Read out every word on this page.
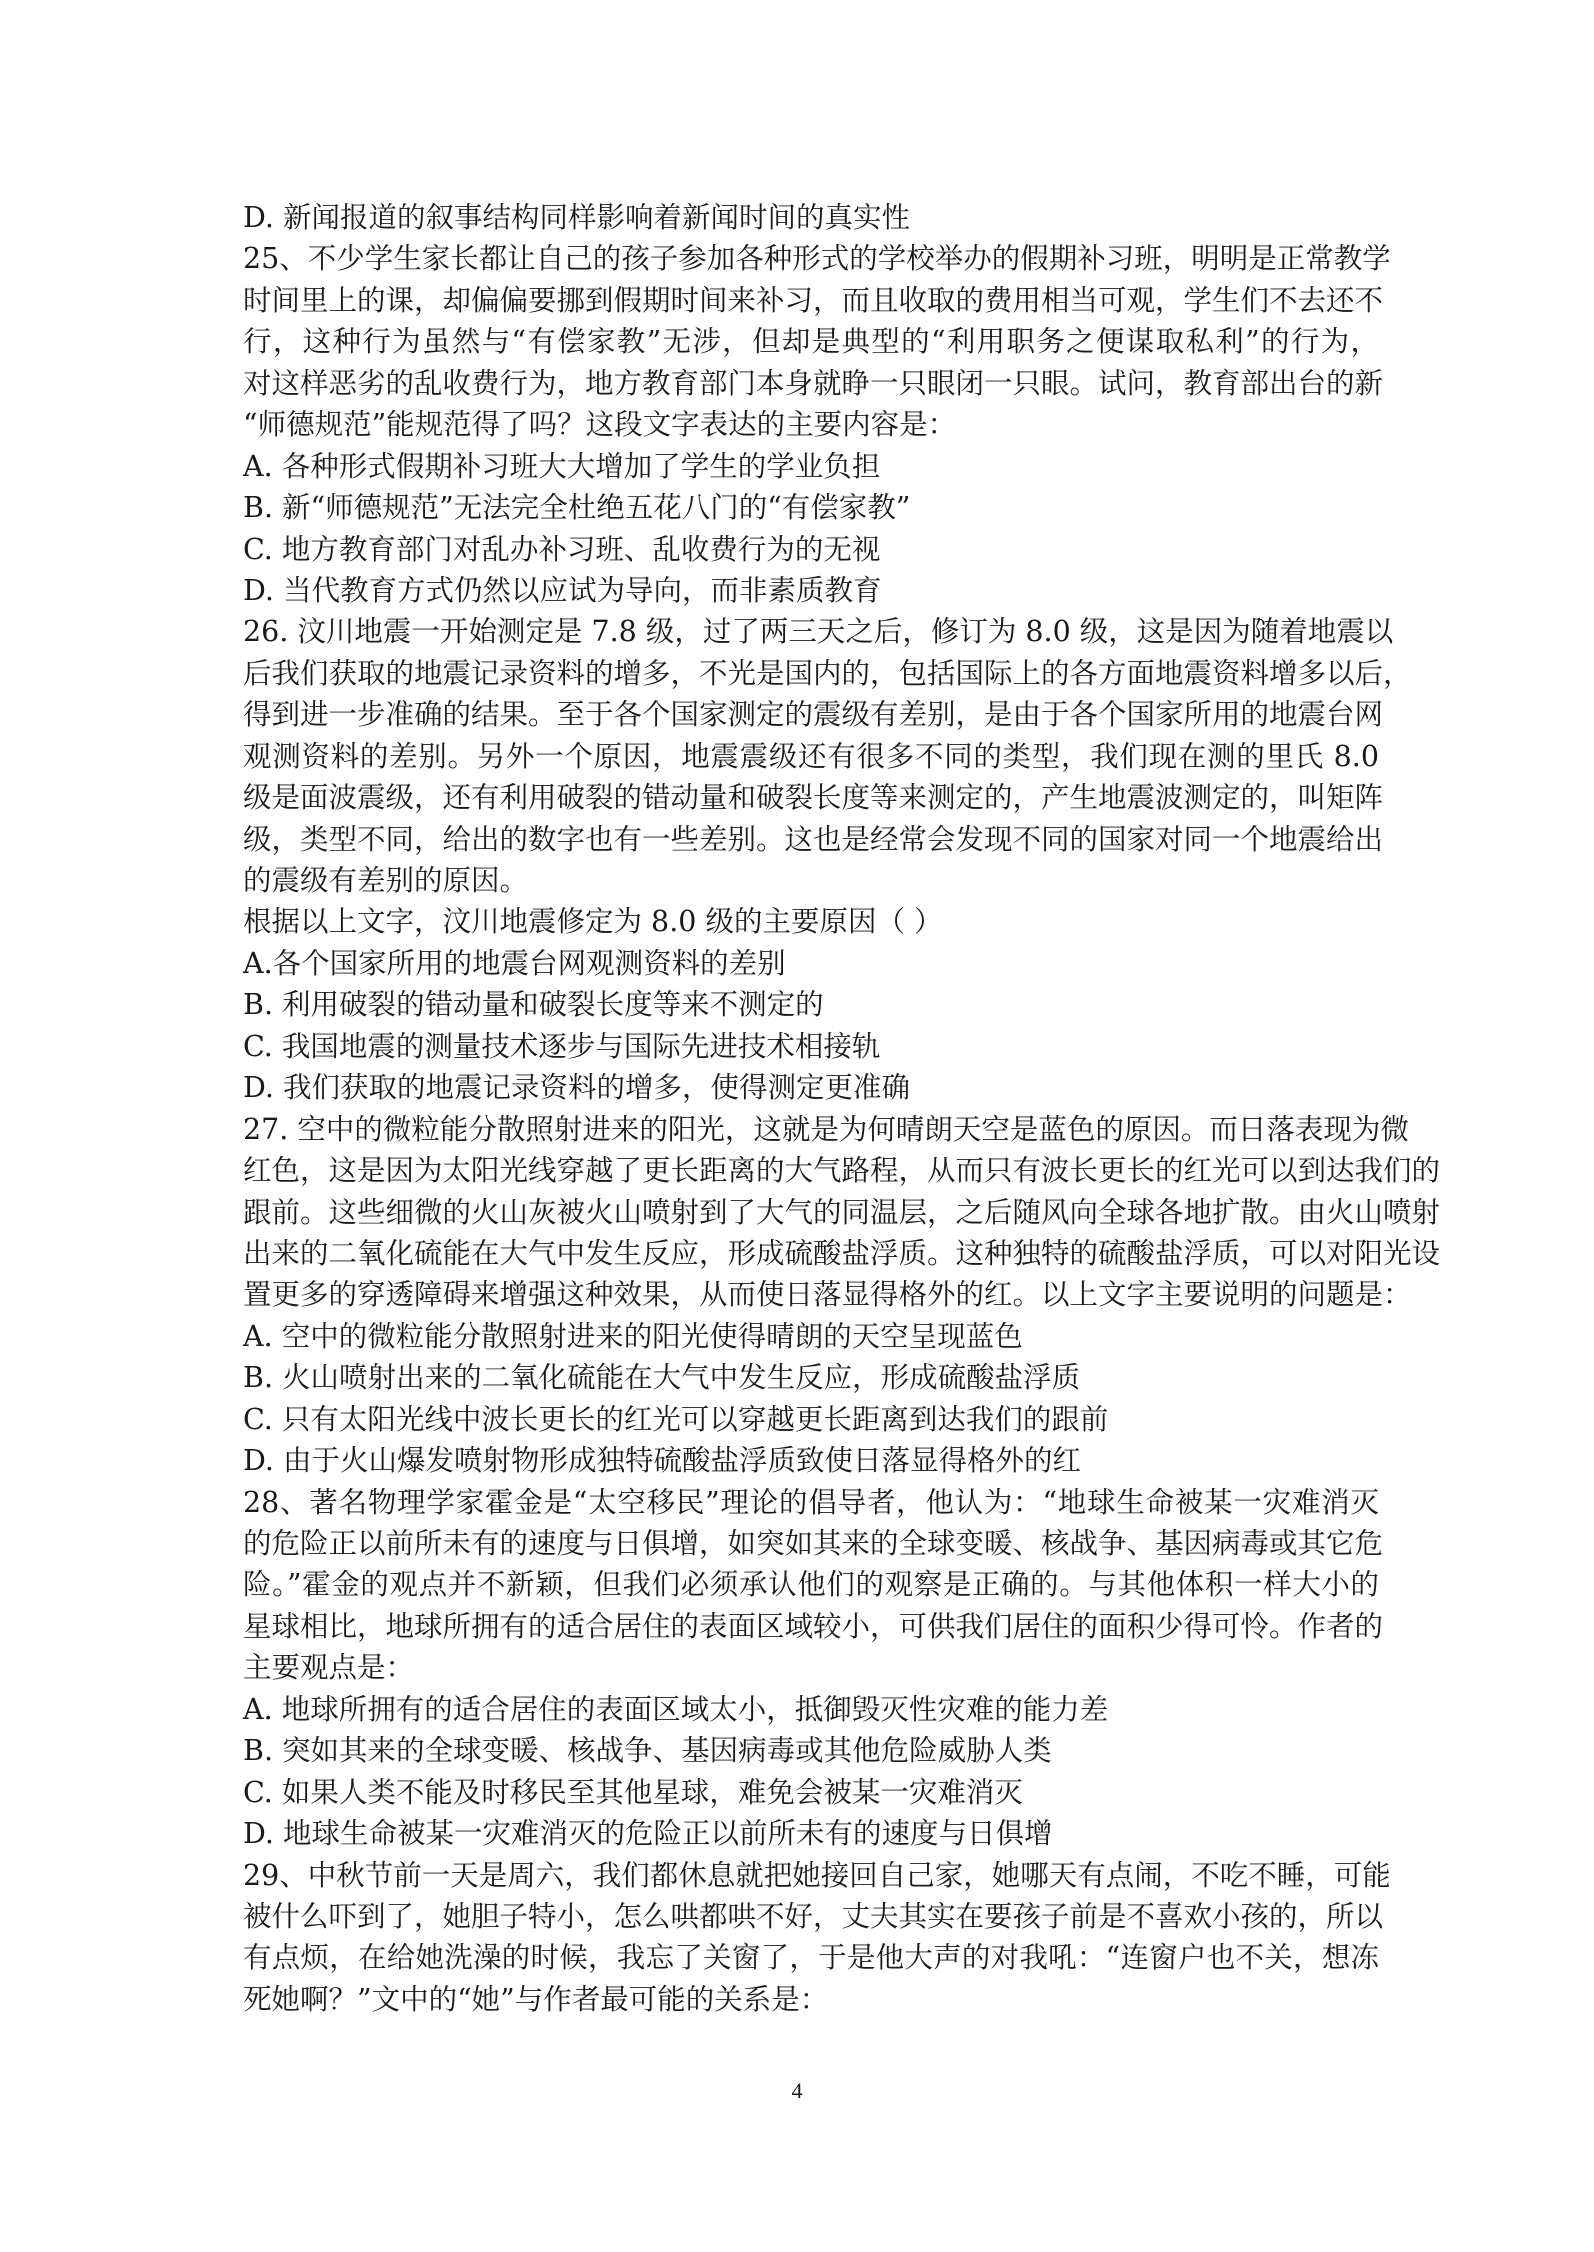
D. 新闻报道的叙事结构同样影响着新闻时间的真实性
25、不少学生家长都让自己的孩子参加各种形式的学校举办的假期补习班，明明是正常教学
时间里上的课，却偏偏要挪到假期时间来补习，而且收取的费用相当可观，学生们不去还不
行，这种行为虽然与“有偿家教”无涉，但却是典型的“利用职务之便谋取私利”的行为，
对这样恶劣的乱收费行为，地方教育部门本身就睁一只眼闭一只眼。试问，教育部出台的新
“师德规范”能规范得了吗？这段文字表达的主要内容是：
A. 各种形式假期补习班大大增加了学生的学业负担
B. 新“师德规范”无法完全杜绝五花八门的“有偿家教”
C. 地方教育部门对乱办补习班、乱收费行为的无视
D. 当代教育方式仍然以应试为导向，而非素质教育
26. 汶川地震一开始测定是 7.8 级，过了两三天之后，修订为 8.0 级，这是因为随着地震以
后我们获取的地震记录资料的增多，不光是国内的，包括国际上的各方面地震资料增多以后，
得到进一步准确的结果。至于各个国家测定的震级有差别，是由于各个国家所用的地震台网
观测资料的差别。另外一个原因，地震震级还有很多不同的类型，我们现在测的里氏 8.0
级是面波震级，还有利用破裂的错动量和破裂长度等来测定的，产生地震波测定的，叫矩阵
级，类型不同，给出的数字也有一些差别。这也是经常会发现不同的国家对同一个地震给出
的震级有差别的原因。
根据以上文字，汶川地震修定为 8.0 级的主要原因（ ）
A.各个国家所用的地震台网观测资料的差别
B. 利用破裂的错动量和破裂长度等来不测定的
C. 我国地震的测量技术逐步与国际先进技术相接轨
D. 我们获取的地震记录资料的增多，使得测定更准确
27. 空中的微粒能分散照射进来的阳光，这就是为何晴朗天空是蓝色的原因。而日落表现为微
红色，这是因为太阳光线穿越了更长距离的大气路程，从而只有波长更长的红光可以到达我们的
跟前。这些细微的火山灰被火山喷射到了大气的同温层，之后随风向全球各地扩散。由火山喷射
出来的二氧化硫能在大气中发生反应，形成硫酸盐浮质。这种独特的硫酸盐浮质，可以对阳光设
置更多的穿透障碍来增强这种效果，从而使日落显得格外的红。以上文字主要说明的问题是：
A. 空中的微粒能分散照射进来的阳光使得晴朗的天空呈现蓝色
B. 火山喷射出来的二氧化硫能在大气中发生反应，形成硫酸盐浮质
C. 只有太阳光线中波长更长的红光可以穿越更长距离到达我们的跟前
D. 由于火山爆发喷射物形成独特硫酸盐浮质致使日落显得格外的红
28、著名物理学家霍金是“太空移民”理论的倡导者，他认为：“地球生命被某一灾难消灭
的危险正以前所未有的速度与日俱增，如突如其来的全球变暖、核战争、基因病毒或其它危
险。”霍金的观点并不新颖，但我们必须承认他们的观察是正确的。与其他体积一样大小的
星球相比，地球所拥有的适合居住的表面区域较小，可供我们居住的面积少得可怜。作者的
主要观点是：
A. 地球所拥有的适合居住的表面区域太小，抵御毁灭性灾难的能力差
B. 突如其来的全球变暖、核战争、基因病毒或其他危险威胁人类
C. 如果人类不能及时移民至其他星球，难免会被某一灾难消灭
D. 地球生命被某一灾难消灭的危险正以前所未有的速度与日俱增
29、中秋节前一天是周六，我们都休息就把她接回自己家，她哪天有点闹，不吃不睡，可能
被什么吓到了，她胆子特小，怎么哄都哄不好，丈夫其实在要孩子前是不喜欢小孩的，所以
有点烦，在给她洗澡的时候，我忘了关窗了，于是他大声的对我吼：“连窗户也不关，想冻
死她啊？”文中的“她”与作者最可能的关系是：
4
